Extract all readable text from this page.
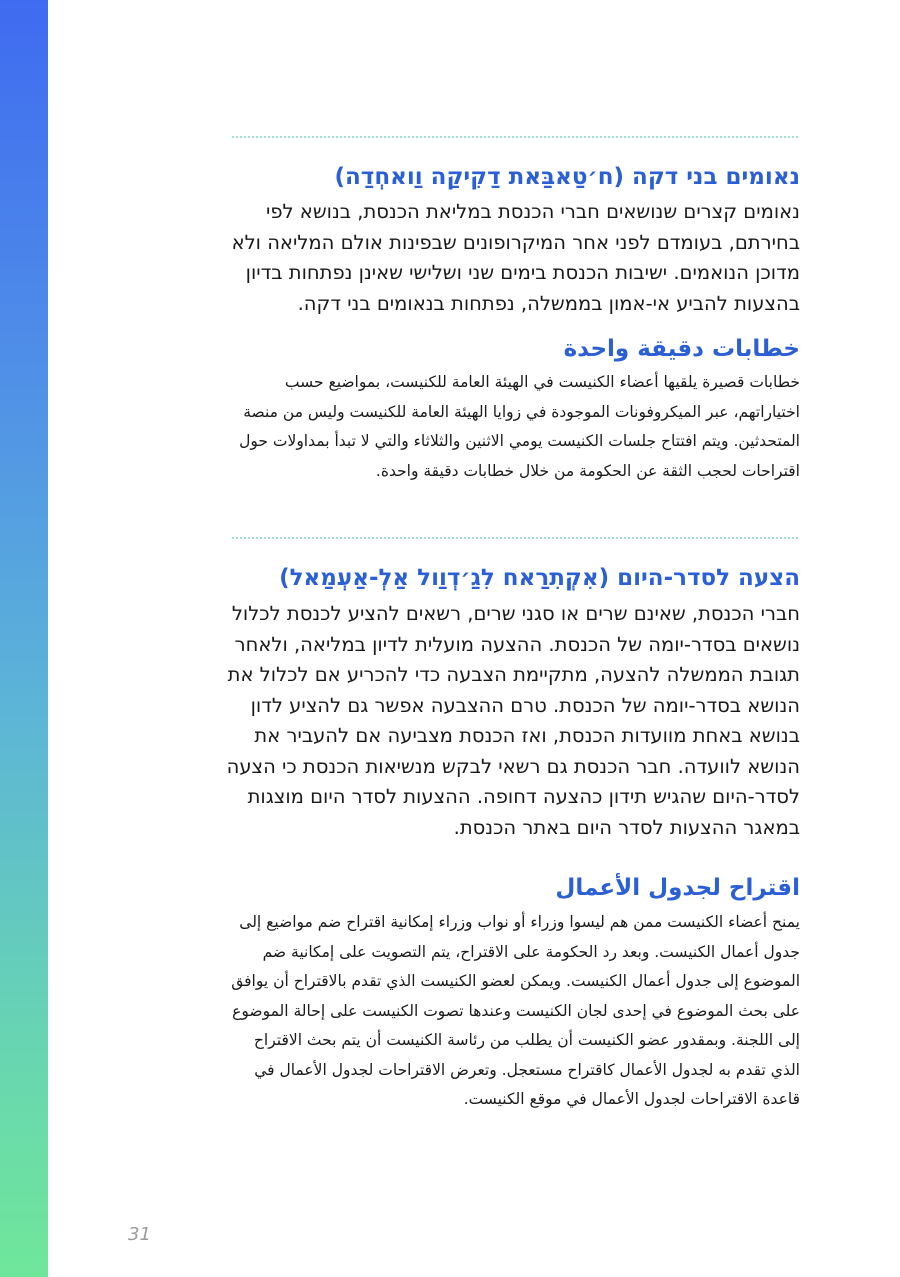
נאומים בני דקה (ח׳טַאבַּאת דַקִיקַה וַואחְדַה)

נאומים קצרים שנושאים חברי הכנסת במליאת הכנסת, בנושא לפי בחירתם, בעומדם לפני אחר המיקרופונים שבפינות אולם המליאה ולא מדוכן הנואמים. ישיבות הכנסת בימים שני ושלישי שאינן נפתחות בדיון בהצעות להביע אי-אמון בממשלה, נפתחות בנאומים בני דקה.

خطابات دقيقة واحدة

خطابات قصيرة يلقيها أعضاء الكنيست في الهيئة العامة للكنيست، بمواضيع حسب اختياراتهم، عبر الميكروفونات الموجودة في زوايا الهيئة العامة للكنيست وليس من منصة المتحدثين. ويتم افتتاح جلسات الكنيست يومي الاثنين والثلاثاء والتي لا تبدأ بمداولات حول اقتراحات لحجب الثقة عن الحكومة من خلال خطابات دقيقة واحدة.

הצעה לסדר-היום (אִקְתִרַאח לִגַ׳דְוַול אַלְ-אַעְמַאל)

חברי הכנסת, שאינם שרים או סגני שרים, רשאים להציע לכנסת לכלול נושאים בסדר-יומה של הכנסת. ההצעה מועלית לדיון במליאה, ולאחר תגובת הממשלה להצעה, מתקיימת הצבעה כדי להכריע אם לכלול את הנושא בסדר-יומה של הכנסת. טרם ההצבעה אפשר גם להציע לדון בנושא באחת מוועדות הכנסת, ואז הכנסת מצביעה אם להעביר את הנושא לוועדה. חבר הכנסת גם רשאי לבקש מנשיאות הכנסת כי הצעה לסדר-היום שהגיש תידון כהצעה דחופה. ההצעות לסדר היום מוצגות במאגר ההצעות לסדר היום באתר הכנסת.

اقتراح لجدول الأعمال

يمنح أعضاء الكنيست ممن هم ليسوا وزراء أو نواب وزراء إمكانية اقتراح ضم مواضيع إلى جدول أعمال الكنيست. وبعد رد الحكومة على الاقتراح، يتم التصويت على إمكانية ضم الموضوع إلى جدول أعمال الكنيست. ويمكن لعضو الكنيست الذي تقدم بالاقتراح أن يوافق على بحث الموضوع في إحدى لجان الكنيست وعندها تصوت الكنيست على إحالة الموضوع إلى اللجنة. وبمقدور عضو الكنيست أن يطلب من رئاسة الكنيست أن يتم بحث الاقتراح الذي تقدم به لجدول الأعمال كاقتراح مستعجل. وتعرض الاقتراحات لجدول الأعمال في قاعدة الاقتراحات لجدول الأعمال في موقع الكنيست.

31
